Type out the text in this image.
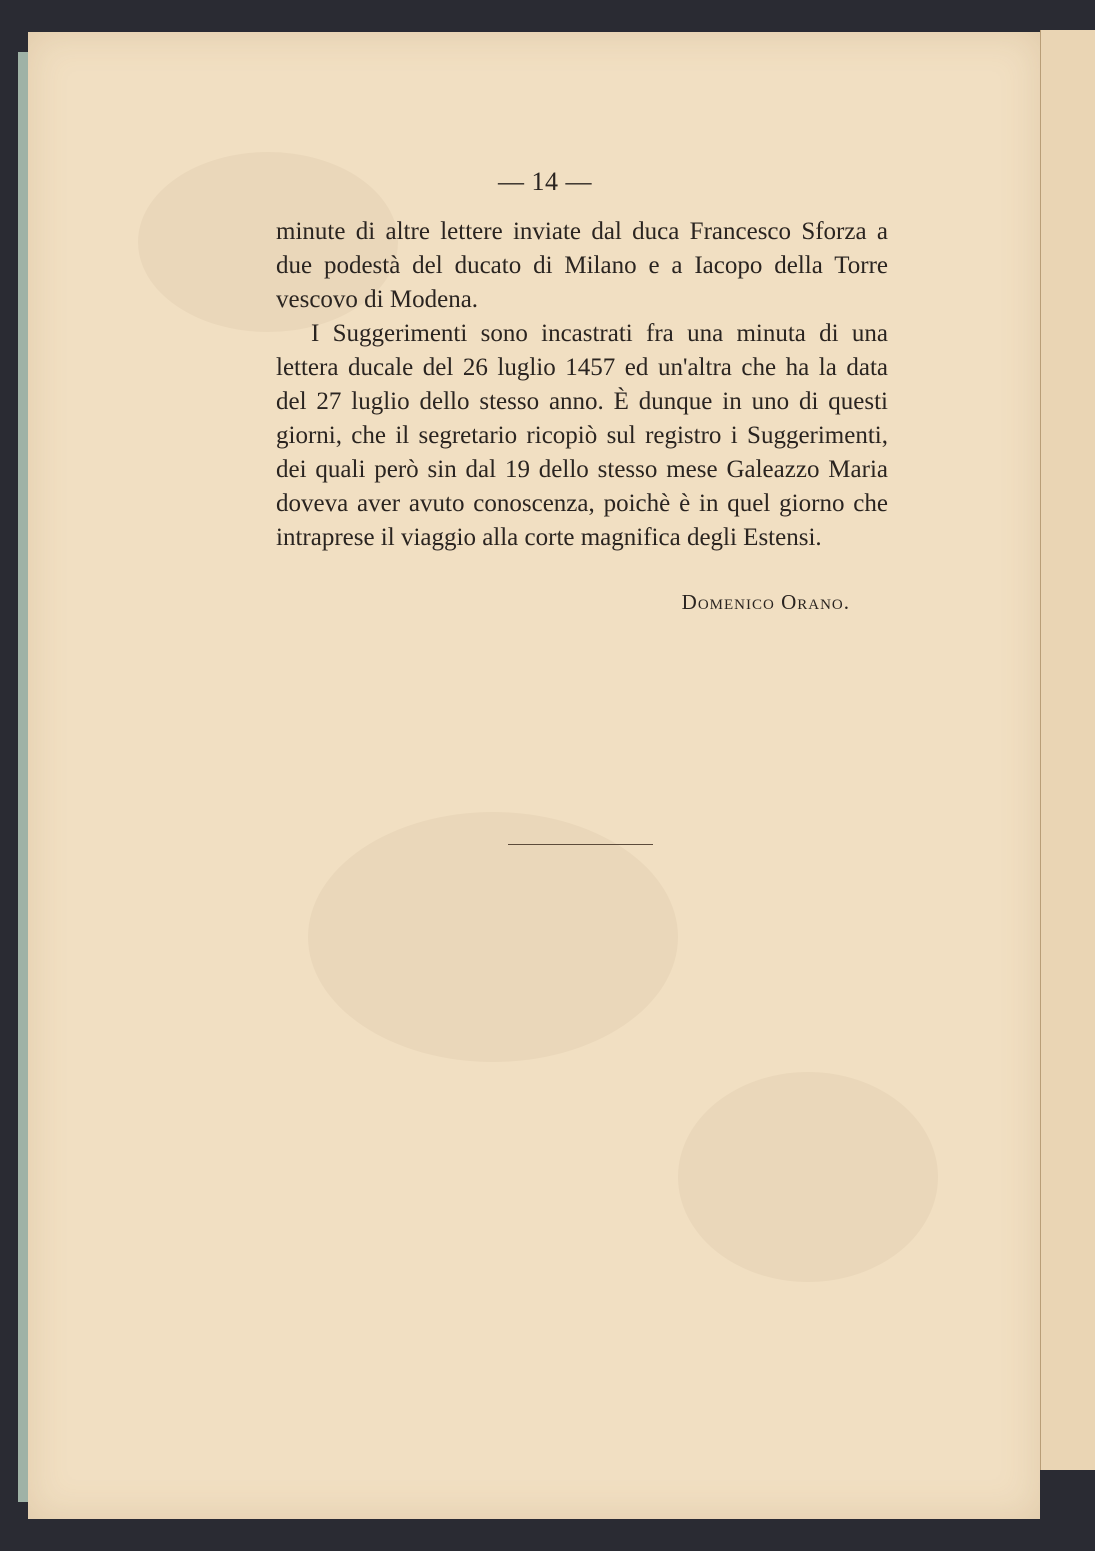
— 14 —

minute di altre lettere inviate dal duca Francesco Sforza a due podestà del ducato di Milano e a Iacopo della Torre vescovo di Modena.

I Suggerimenti sono incastrati fra una minuta di una lettera ducale del 26 luglio 1457 ed un'altra che ha la data del 27 luglio dello stesso anno. È dunque in uno di questi giorni, che il segretario ricopiò sul registro i Suggerimenti, dei quali però sin dal 19 dello stesso mese Galeazzo Maria doveva aver avuto conoscenza, poichè è in quel giorno che intraprese il viaggio alla corte magnifica degli Estensi.

Domenico Orano.
